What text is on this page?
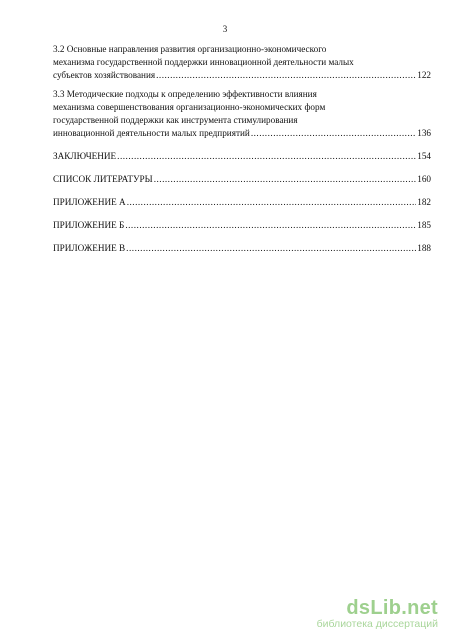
3
3.2 Основные направления развития организационно-экономического
механизма государственной поддержки инновационной деятельности малых
субъектов хозяйствования .....	122
3.3 Методические подходы к определению эффективности влияния
механизма совершенствования организационно-экономических форм
государственной поддержки как инструмента стимулирования
инновационной деятельности малых предприятий .....	136
ЗАКЛЮЧЕНИЕ .....	154
СПИСОК ЛИТЕРАТУРЫ .....	160
ПРИЛОЖЕНИЕ А .....	182
ПРИЛОЖЕНИЕ Б .....	185
ПРИЛОЖЕНИЕ В .....	188
dsLib.net
библиотека диссертаций
